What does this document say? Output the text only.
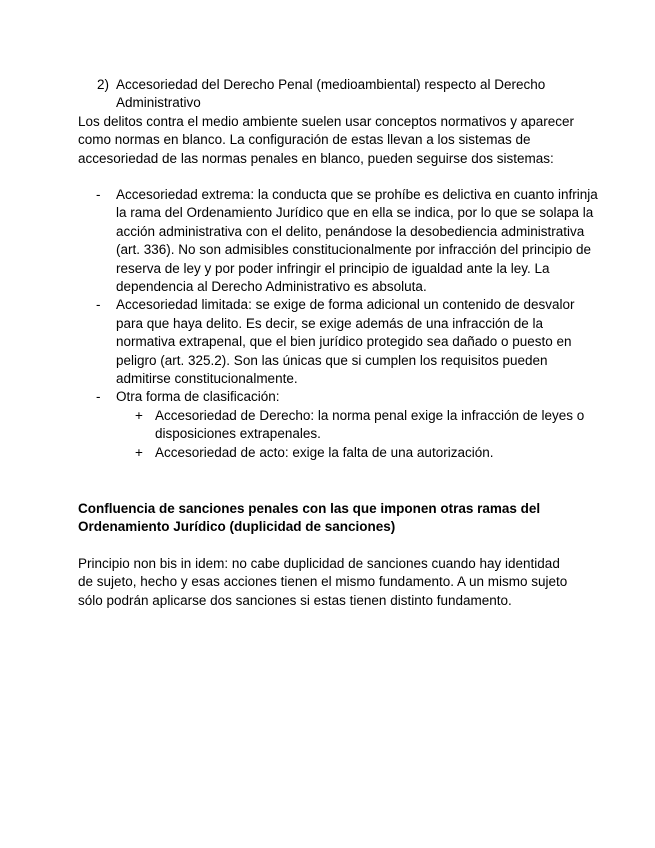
2) Accesoriedad del Derecho Penal (medioambiental) respecto al Derecho Administrativo
Los delitos contra el medio ambiente suelen usar conceptos normativos y aparecer como normas en blanco. La configuración de estas llevan a los sistemas de accesoriedad de las normas penales en blanco, pueden seguirse dos sistemas:
- Accesoriedad extrema: la conducta que se prohíbe es delictiva en cuanto infrinja la rama del Ordenamiento Jurídico que en ella se indica, por lo que se solapa la acción administrativa con el delito, penándose la desobediencia administrativa (art. 336). No son admisibles constitucionalmente por infracción del principio de reserva de ley y por poder infringir el principio de igualdad ante la ley. La dependencia al Derecho Administrativo es absoluta.
- Accesoriedad limitada: se exige de forma adicional un contenido de desvalor para que haya delito. Es decir, se exige además de una infracción de la normativa extrapenal, que el bien jurídico protegido sea dañado o puesto en peligro (art. 325.2). Son las únicas que si cumplen los requisitos pueden admitirse constitucionalmente.
- Otra forma de clasificación:
+ Accesoriedad de Derecho: la norma penal exige la infracción de leyes o disposiciones extrapenales.
+ Accesoriedad de acto: exige la falta de una autorización.
Confluencia de sanciones penales con las que imponen otras ramas del Ordenamiento Jurídico (duplicidad de sanciones)
Principio non bis in idem: no cabe duplicidad de sanciones cuando hay identidad de sujeto, hecho y esas acciones tienen el mismo fundamento. A un mismo sujeto sólo podrán aplicarse dos sanciones si estas tienen distinto fundamento.
